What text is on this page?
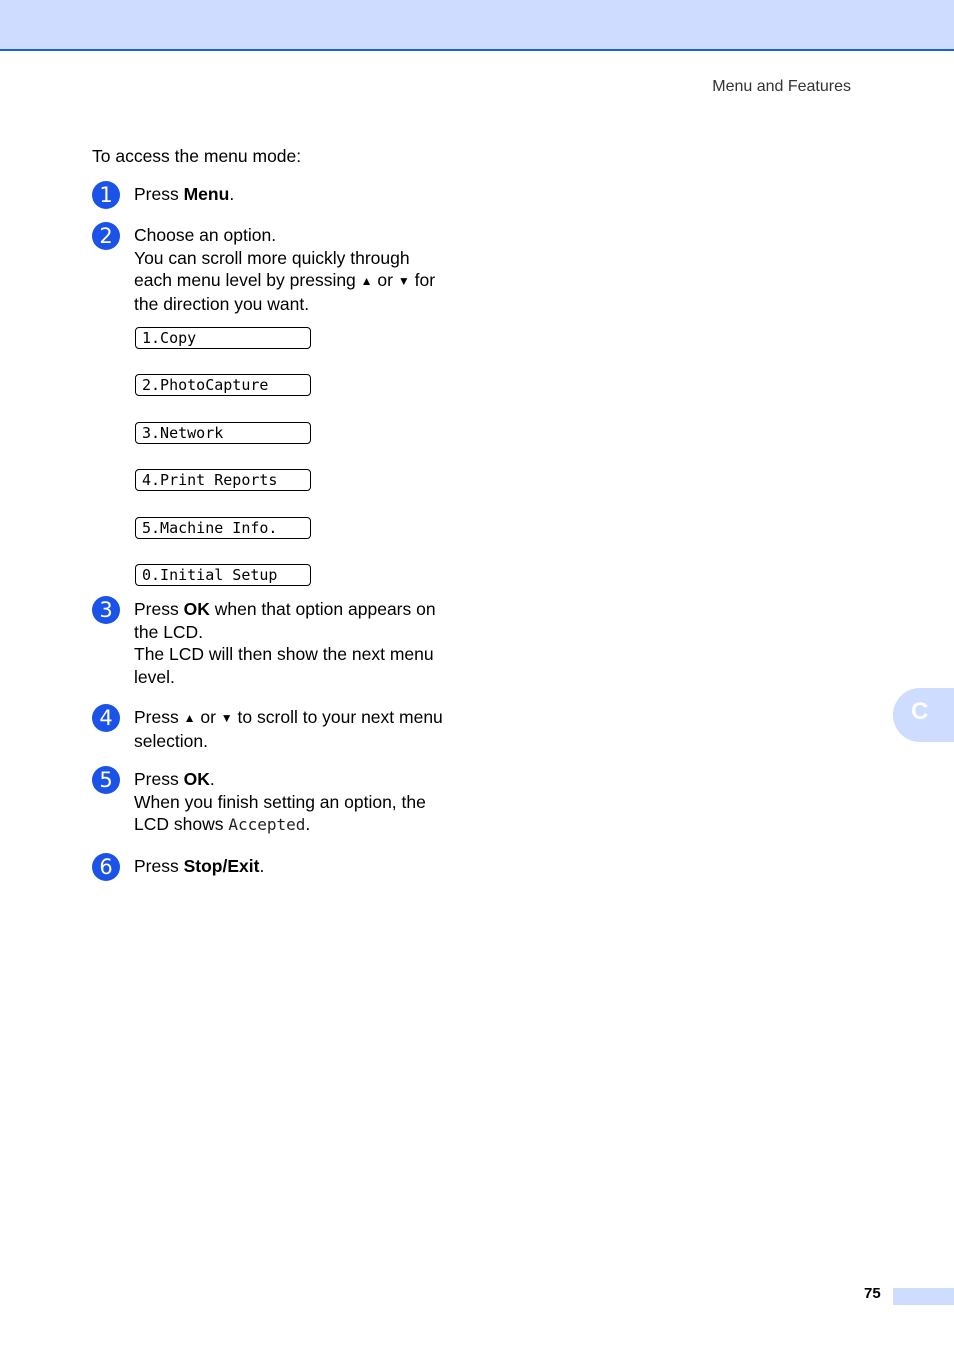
Menu and Features
To access the menu mode:
1	Press Menu.
2	Choose an option.
You can scroll more quickly through
each menu level by pressing ▲ or ▼ for
the direction you want.
1.Copy
2.PhotoCapture
3.Network
4.Print Reports
5.Machine Info.
0.Initial Setup
3	Press OK when that option appears on
the LCD.
The LCD will then show the next menu
level.
4	Press ▲ or ▼ to scroll to your next menu
selection.
5	Press OK.
When you finish setting an option, the
LCD shows Accepted.
6	Press Stop/Exit.
C
75
